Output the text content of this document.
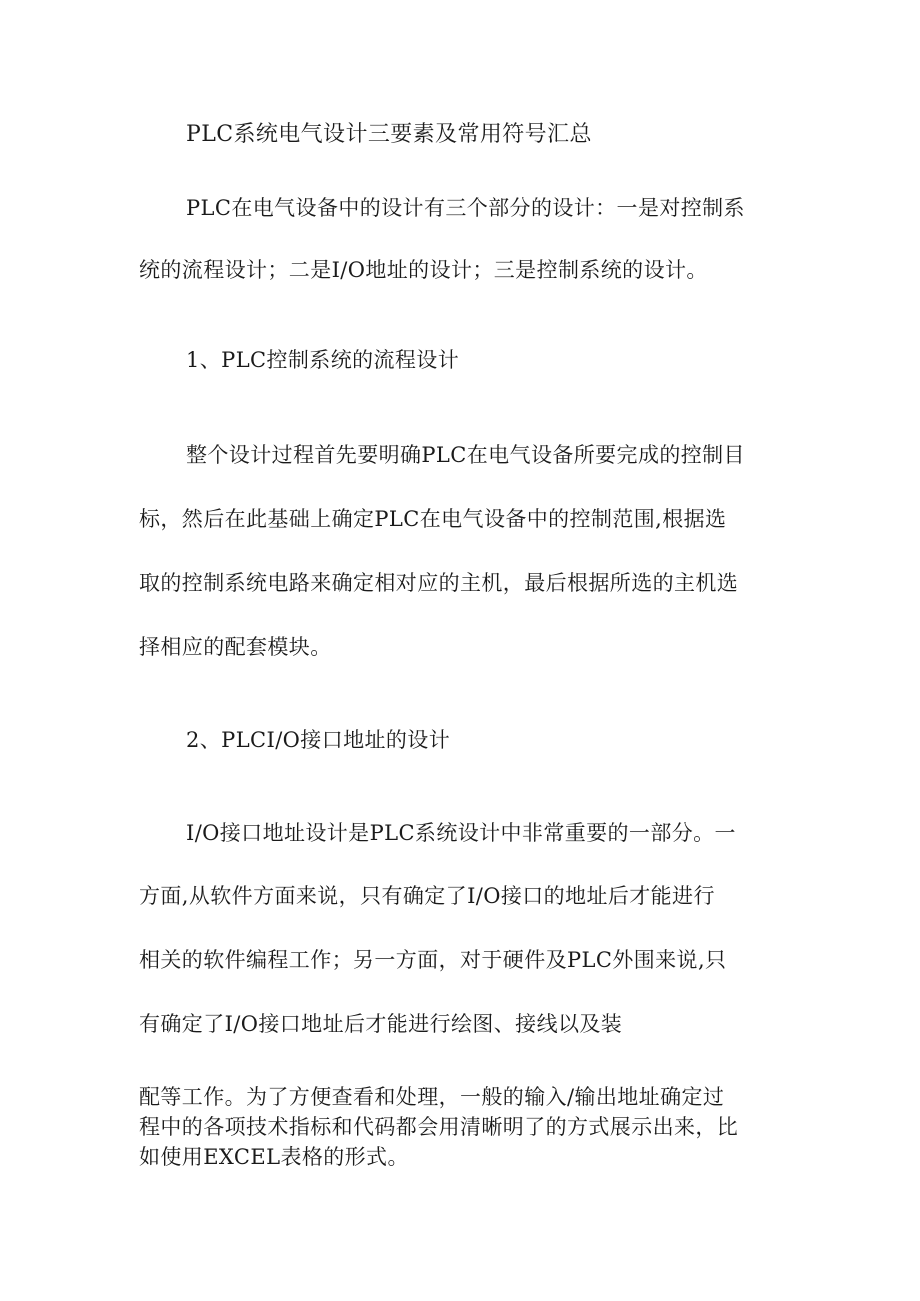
PLC系统电气设计三要素及常用符号汇总
PLC在电气设备中的设计有三个部分的设计：一是对控制系
统的流程设计；二是I/O地址的设计；三是控制系统的设计。
1、PLC控制系统的流程设计
整个设计过程首先要明确PLC在电气设备所要完成的控制目
标，然后在此基础上确定PLC在电气设备中的控制范围,根据选
取的控制系统电路来确定相对应的主机，最后根据所选的主机选
择相应的配套模块。
2、PLCI/O接口地址的设计
I/O接口地址设计是PLC系统设计中非常重要的一部分。一
方面,从软件方面来说，只有确定了I/O接口的地址后才能进行
相关的软件编程工作；另一方面，对于硬件及PLC外围来说,只
有确定了I/O接口地址后才能进行绘图、接线以及装
配等工作。为了方便查看和处理，一般的输入/输出地址确定过
程中的各项技术指标和代码都会用清晰明了的方式展示出来，比
如使用EXCEL表格的形式。
